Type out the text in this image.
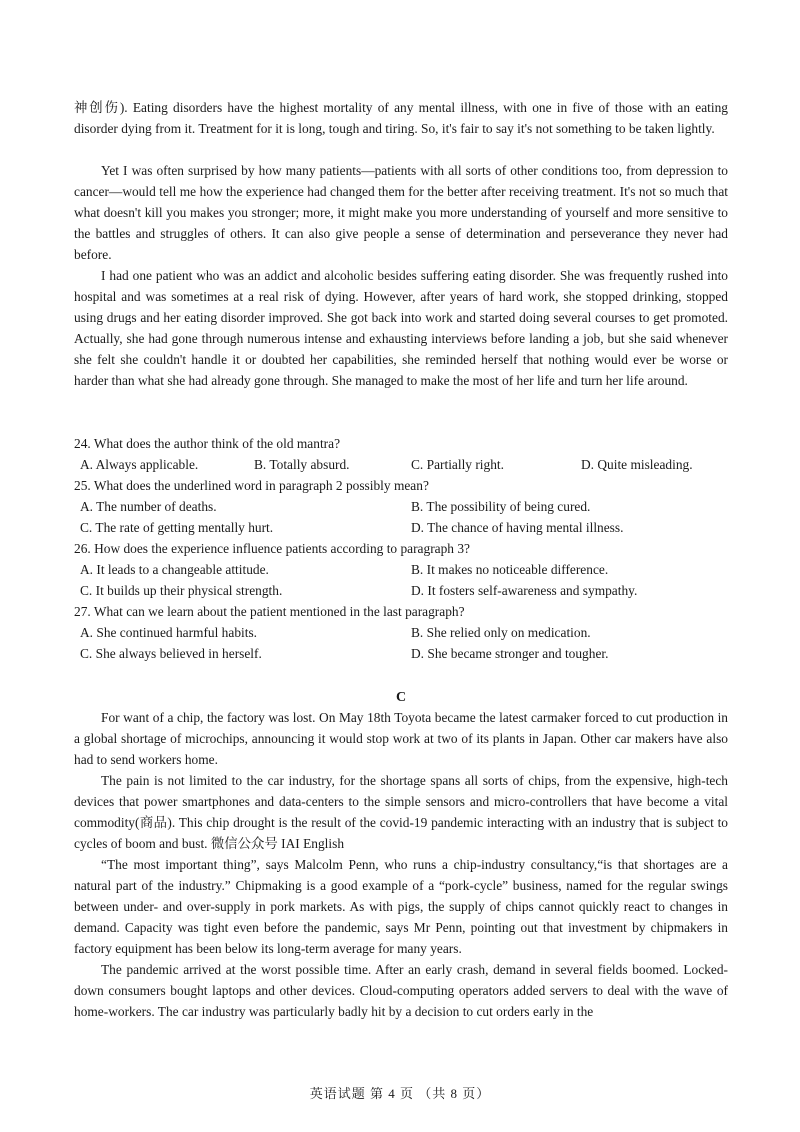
神创伤). Eating disorders have the highest mortality of any mental illness, with one in five of those with an eating disorder dying from it. Treatment for it is long, tough and tiring. So, it's fair to say it's not something to be taken lightly.

Yet I was often surprised by how many patients—patients with all sorts of other conditions too, from depression to cancer—would tell me how the experience had changed them for the better after receiving treatment. It's not so much that what doesn't kill you makes you stronger; more, it might make you more understanding of yourself and more sensitive to the battles and struggles of others. It can also give people a sense of determination and perseverance they never had before.

I had one patient who was an addict and alcoholic besides suffering eating disorder. She was frequently rushed into hospital and was sometimes at a real risk of dying. However, after years of hard work, she stopped drinking, stopped using drugs and her eating disorder improved. She got back into work and started doing several courses to get promoted. Actually, she had gone through numerous intense and exhausting interviews before landing a job, but she said whenever she felt she couldn't handle it or doubted her capabilities, she reminded herself that nothing would ever be worse or harder than what she had already gone through. She managed to make the most of her life and turn her life around.

24. What does the author think of the old mantra?
A. Always applicable.	B. Totally absurd.	C. Partially right.	D. Quite misleading.
25. What does the underlined word in paragraph 2 possibly mean?
A. The number of deaths.	B. The possibility of being cured.
C. The rate of getting mentally hurt.	D. The chance of having mental illness.
26. How does the experience influence patients according to paragraph 3?
A. It leads to a changeable attitude.	B. It makes no noticeable difference.
C. It builds up their physical strength.	D. It fosters self-awareness and sympathy.
27. What can we learn about the patient mentioned in the last paragraph?
A. She continued harmful habits.	B. She relied only on medication.
C. She always believed in herself.	D. She became stronger and tougher.
C

For want of a chip, the factory was lost. On May 18th Toyota became the latest carmaker forced to cut production in a global shortage of microchips, announcing it would stop work at two of its plants in Japan. Other car makers have also had to send workers home.

The pain is not limited to the car industry, for the shortage spans all sorts of chips, from the expensive, high-tech devices that power smartphones and data-centers to the simple sensors and micro-controllers that have become a vital commodity(商品). This chip drought is the result of the covid-19 pandemic interacting with an industry that is subject to cycles of boom and bust. 微信公众号 IAI English

“The most important thing”, says Malcolm Penn, who runs a chip-industry consultancy,“is that shortages are a natural part of the industry.” Chipmaking is a good example of a “pork-cycle” business, named for the regular swings between under- and over-supply in pork markets. As with pigs, the supply of chips cannot quickly react to changes in demand. Capacity was tight even before the pandemic, says Mr Penn, pointing out that investment by chipmakers in factory equipment has been below its long-term average for many years.

The pandemic arrived at the worst possible time. After an early crash, demand in several fields boomed. Locked-down consumers bought laptops and other devices. Cloud-computing operators added servers to deal with the wave of home-workers. The car industry was particularly badly hit by a decision to cut orders early in the

英语试题 第 4 页 （共 8 页）
